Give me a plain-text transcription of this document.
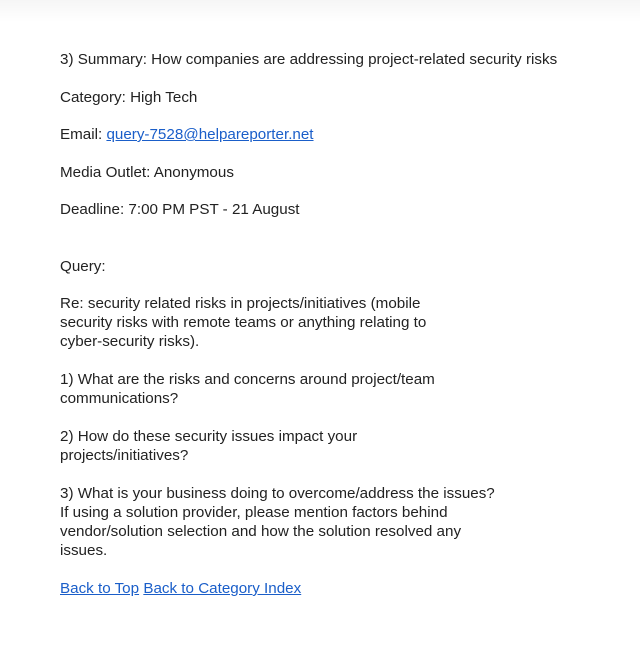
3) Summary: How companies are addressing project-related security risks
Category: High Tech
Email: query-7528@helpareporter.net
Media Outlet: Anonymous
Deadline: 7:00 PM PST - 21 August
Query:
Re: security related risks in projects/initiatives (mobile
security risks with remote teams or anything relating to
cyber-security risks).
1) What are the risks and concerns around project/team
communications?
2) How do these security issues impact your
projects/initiatives?
3) What is your business doing to overcome/address the issues?
If using a solution provider, please mention factors behind
vendor/solution selection and how the solution resolved any
issues.
Back to Top Back to Category Index
